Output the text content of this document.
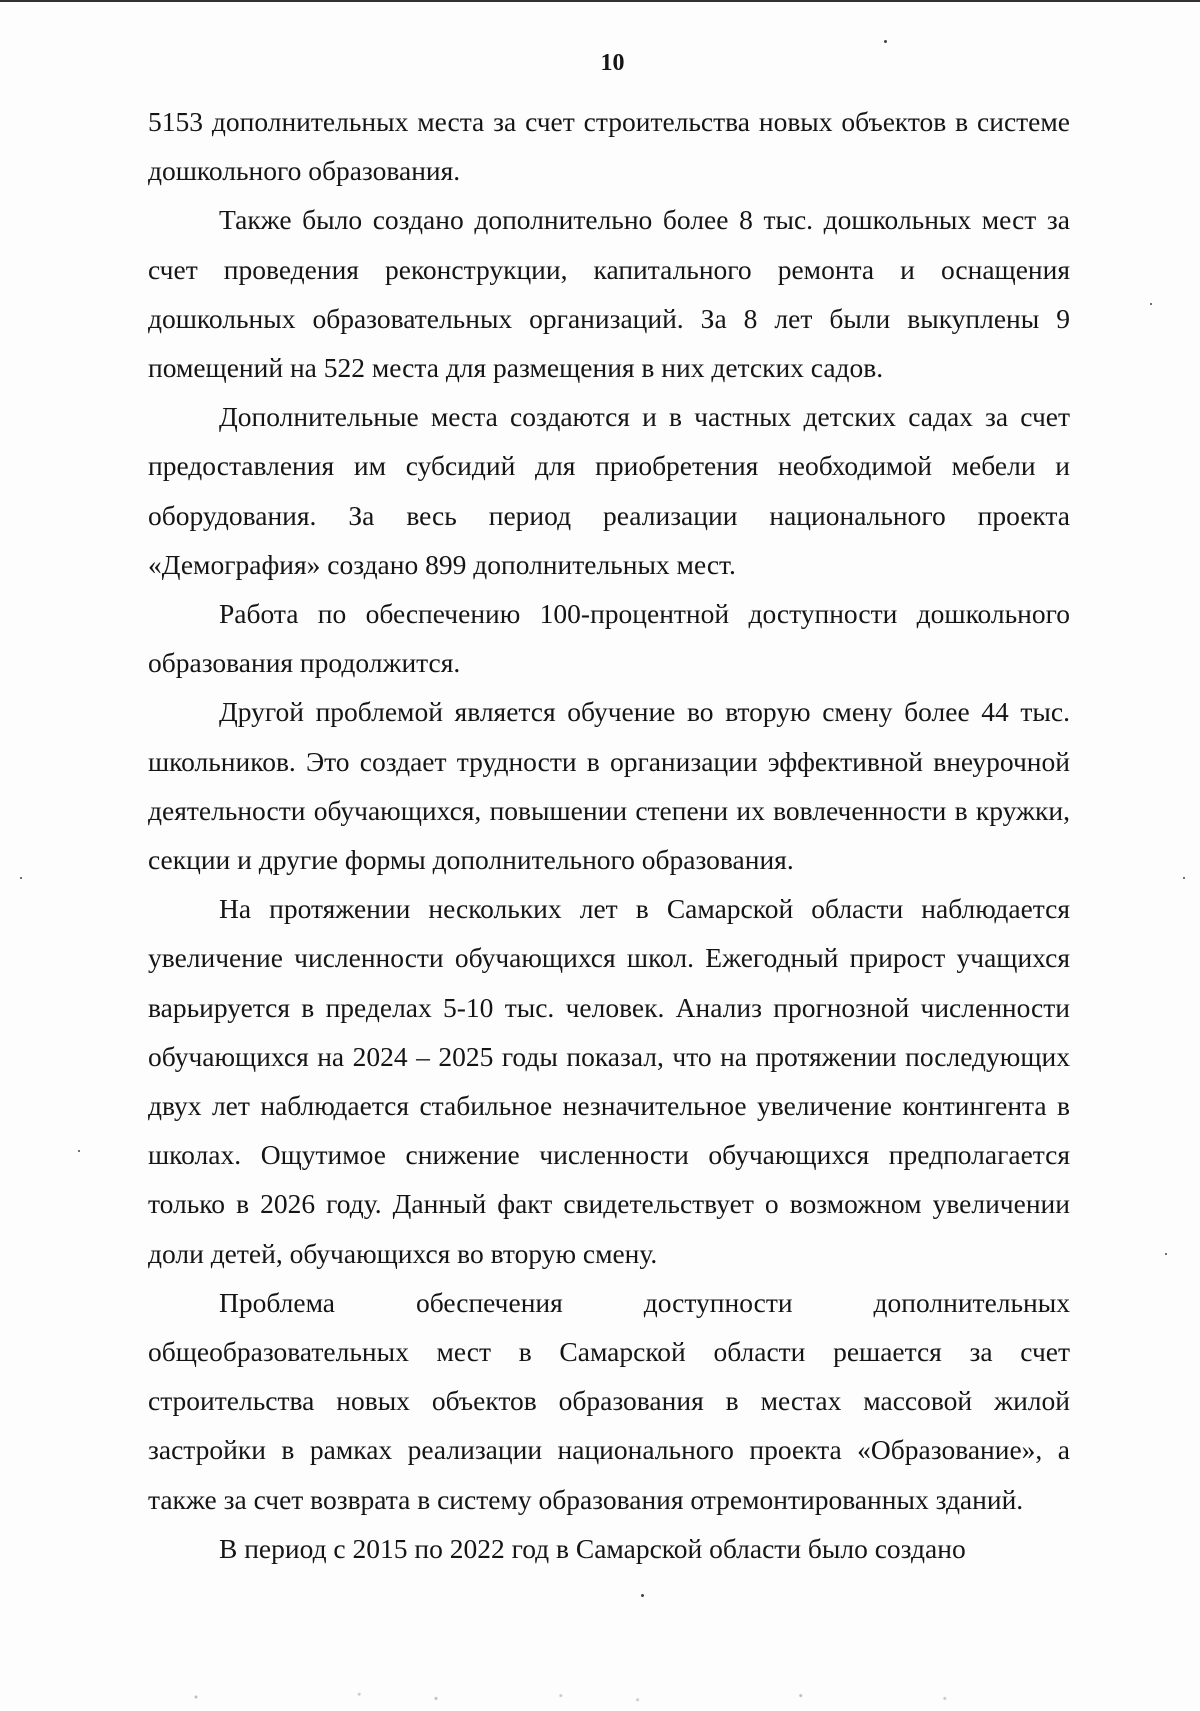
10

5153 дополнительных места за счет строительства новых объектов в системе дошкольного образования.

Также было создано дополнительно более 8 тыс. дошкольных мест за счет проведения реконструкции, капитального ремонта и оснащения дошкольных образовательных организаций. За 8 лет были выкуплены 9 помещений на 522 места для размещения в них детских садов.

Дополнительные места создаются и в частных детских садах за счет предоставления им субсидий для приобретения необходимой мебели и оборудования. За весь период реализации национального проекта «Демография» создано 899 дополнительных мест.

Работа по обеспечению 100-процентной доступности дошкольного образования продолжится.

Другой проблемой является обучение во вторую смену более 44 тыс. школьников. Это создает трудности в организации эффективной внеурочной деятельности обучающихся, повышении степени их вовлеченности в кружки, секции и другие формы дополнительного образования.

На протяжении нескольких лет в Самарской области наблюдается увеличение численности обучающихся школ. Ежегодный прирост учащихся варьируется в пределах 5-10 тыс. человек. Анализ прогнозной численности обучающихся на 2024 – 2025 годы показал, что на протяжении последующих двух лет наблюдается стабильное незначительное увеличение контингента в школах. Ощутимое снижение численности обучающихся предполагается только в 2026 году. Данный факт свидетельствует о возможном увеличении доли детей, обучающихся во вторую смену.

Проблема обеспечения доступности дополнительных общеобразовательных мест в Самарской области решается за счет строительства новых объектов образования в местах массовой жилой застройки в рамках реализации национального проекта «Образование», а также за счет возврата в систему образования отремонтированных зданий.

В период с 2015 по 2022 год в Самарской области было создано
